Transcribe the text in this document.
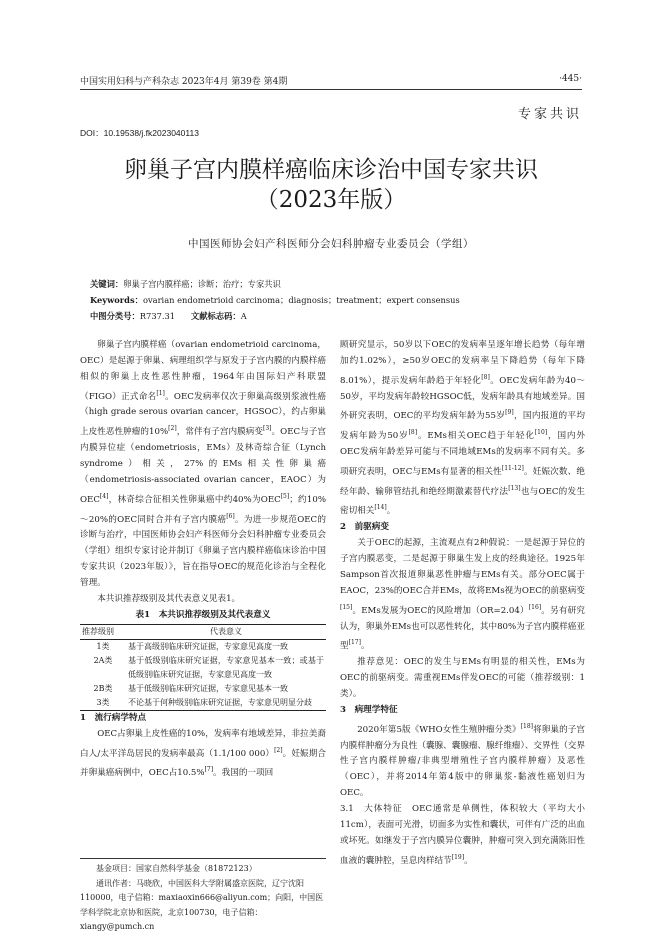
中国实用妇科与产科杂志 2023年4月 第39卷 第4期	·445·
专家共识
DOI：10.19538/j.fk2023040113
卵巢子宫内膜样癌临床诊治中国专家共识
（2023年版）
中国医师协会妇产科医师分会妇科肿瘤专业委员会（学组）
关键词：卵巢子宫内膜样癌；诊断；治疗；专家共识
Keywords：ovarian endometrioid carcinoma；diagnosis；treatment；expert consensus
中图分类号：R737.31 文献标志码：A

卵巢子宫内膜样癌（ovarian endometrioid carcinoma，OEC）是起源于卵巢、病理组织学与原发于子宫内膜的内膜样癌相似的卵巢上皮性恶性肿瘤，1964年由国际妇产科联盟（FIGO）正式命名[1]。OEC发病率仅次于卵巢高级别浆液性癌（high grade serous ovarian cancer，HGSOC），约占卵巢上皮性恶性肿瘤的10%[2]，常伴有子宫内膜病变[3]。OEC与子宫内膜异位症（endometriosis，EMs）及林奇综合征（Lynch syndrome）相关，27%的EMs相关性卵巢癌（endometriosis-associated ovarian cancer，EAOC）为OEC[4]，林奇综合征相关性卵巢癌中约40%为OEC[5]；约10%～20%的OEC同时合并有子宫内膜癌[6]。为进一步规范OEC的诊断与治疗，中国医师协会妇产科医师分会妇科肿瘤专业委员会（学组）组织专家讨论并制订《卵巢子宫内膜样癌临床诊治中国专家共识（2023年版）》，旨在指导OEC的规范化诊治与全程化管理。

本共识推荐级别及其代表意义见表1。

表1　本共识推荐级别及其代表意义

推荐级别	代表意义
1类	基于高级别临床研究证据，专家意见高度一致
2A类	基于低级别临床研究证据，专家意见基本一致；或基于低级别临床研究证据，专家意见高度一致
2B类	基于低级别临床研究证据，专家意见基本一致
3类	不论基于何种级别临床研究证据，专家意见明显分歧

1　流行病学特点

OEC占卵巢上皮性癌的10%，发病率有地域差异，非拉美裔白人/太平洋岛居民的发病率最高（1.1/100 000）[2]。妊娠期合并卵巢癌病例中，OEC占10.5%[7]。我国的一项回

基金项目：国家自然科学基金（81872123）

通讯作者：马晓欣，中国医科大学附属盛京医院，辽宁沈阳110000，电子信箱：maxiaoxin666@aliyun.com；向阳，中国医学科学院北京协和医院，北京100730，电子信箱：xiangy@pumch.cn

顾研究显示，50岁以下OEC的发病率呈逐年增长趋势（每年增加约1.02%），≥50岁OEC的发病率呈下降趋势（每年下降8.01%），提示发病年龄趋于年轻化[8]。OEC发病年龄为40～50岁，平均发病年龄较HGSOC低，发病年龄具有地域差异。国外研究表明，OEC的平均发病年龄为55岁[9]，国内报道的平均发病年龄为50岁[8]。EMs相关OEC趋于年轻化[10]，国内外OEC发病年龄差异可能与不同地域EMs的发病率不同有关。多项研究表明，OEC与EMs有显著的相关性[11-12]。妊娠次数、绝经年龄、输卵管结扎和绝经期激素替代疗法[13]也与OEC的发生密切相关[14]。

2　前驱病变

关于OEC的起源，主流观点有2种假说：一是起源于异位的子宫内膜恶变，二是起源于卵巢生发上皮的经典途径。1925年Sampson首次报道卵巢恶性肿瘤与EMs有关。部分OEC属于EAOC，23%的OEC合并EMs，故将EMs视为OEC的前驱病变[15]。EMs发展为OEC的风险增加（OR=2.04）[16]。另有研究认为，卵巢外EMs也可以恶性转化，其中80%为子宫内膜样癌亚型[17]。

推荐意见：OEC的发生与EMs有明显的相关性，EMs为OEC的前驱病变。需重视EMs伴发OEC的可能（推荐级别：1类）。

3　病理学特征

2020年第5版《WHO女性生殖肿瘤分类》[18]将卵巢的子宫内膜样肿瘤分为良性（囊腺、囊腺瘤、腺纤维瘤）、交界性（交界性子宫内膜样肿瘤/非典型增殖性子宫内膜样肿瘤）及恶性（OEC），并将2014年第4版中的卵巢浆-黏液性癌划归为OEC。

3.1　大体特征　OEC通常是单侧性，体积较大（平均大小11cm），表面可光滑，切面多为实性和囊状，可伴有广泛的出血或坏死。如继发于子宫内膜异位囊肿，肿瘤可突入到充满陈旧性血液的囊肿腔，呈息肉样结节[19]。
